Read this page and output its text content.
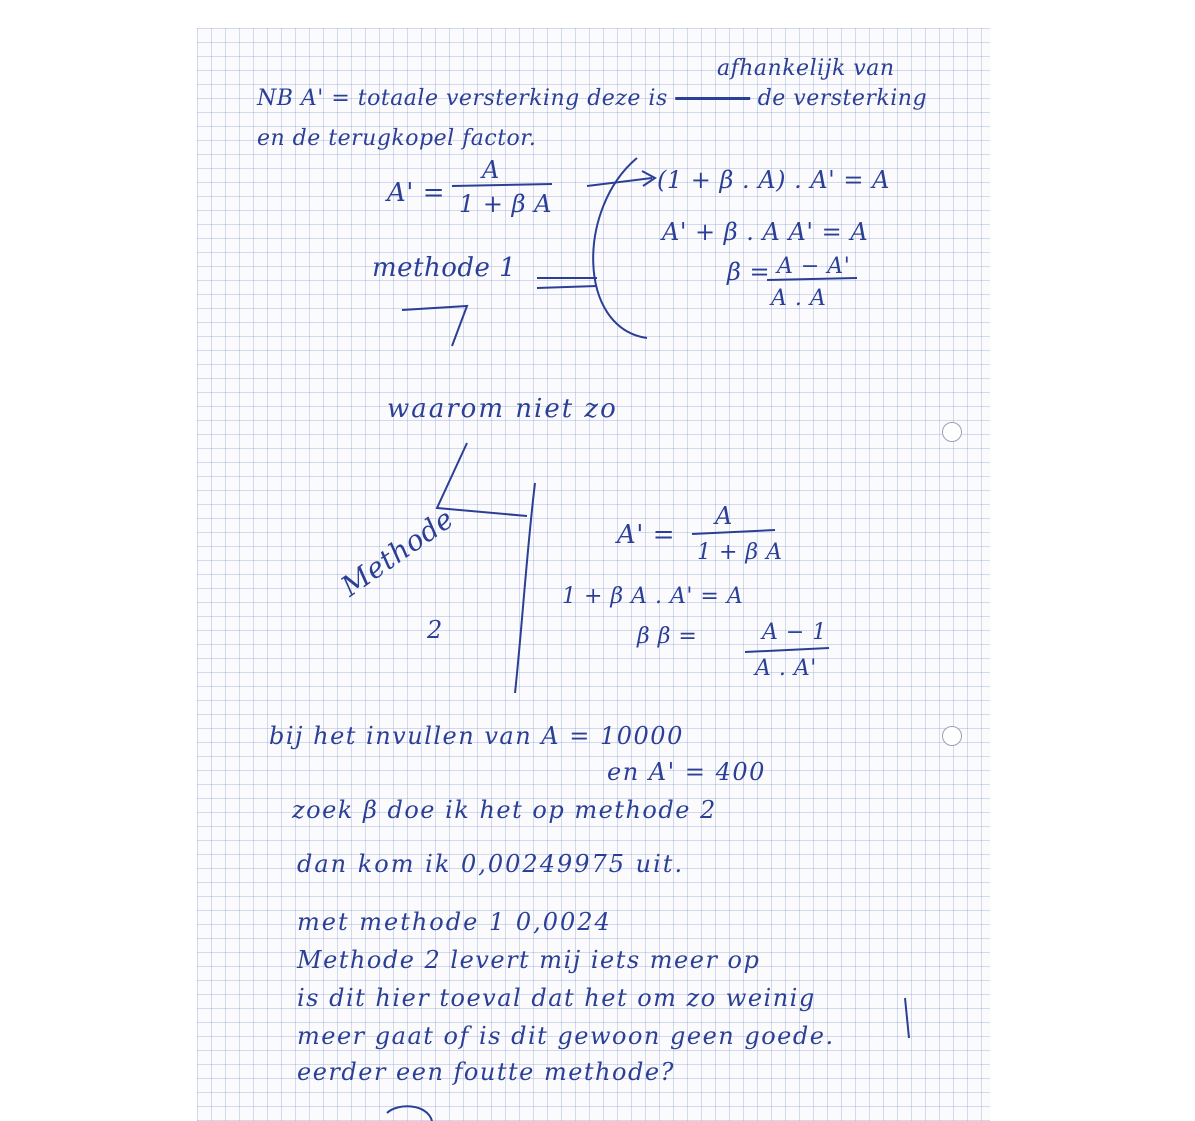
NB A' = totaale versterking deze is	de versterking
afhankelijk van
en de terugkopel factor.
A' =
A
1 + β A
(1 + β . A) . A' = A
A' + β . A A' = A
β = A − A'
A . A
methode 1
waarom niet zo
Methode
2
A' =
A
1 + β A
1 + β A . A' = A
β β =	A − 1
A . A'
bij het invullen van A = 10000
en A' = 400
zoek β doe ik het op methode 2
dan kom ik 0,00249975 uit.
met methode 1 0,0024
Methode 2 levert mij iets meer op
is dit hier toeval dat het om zo weinig
meer gaat of is dit gewoon geen goede.
eerder een foutte methode?
